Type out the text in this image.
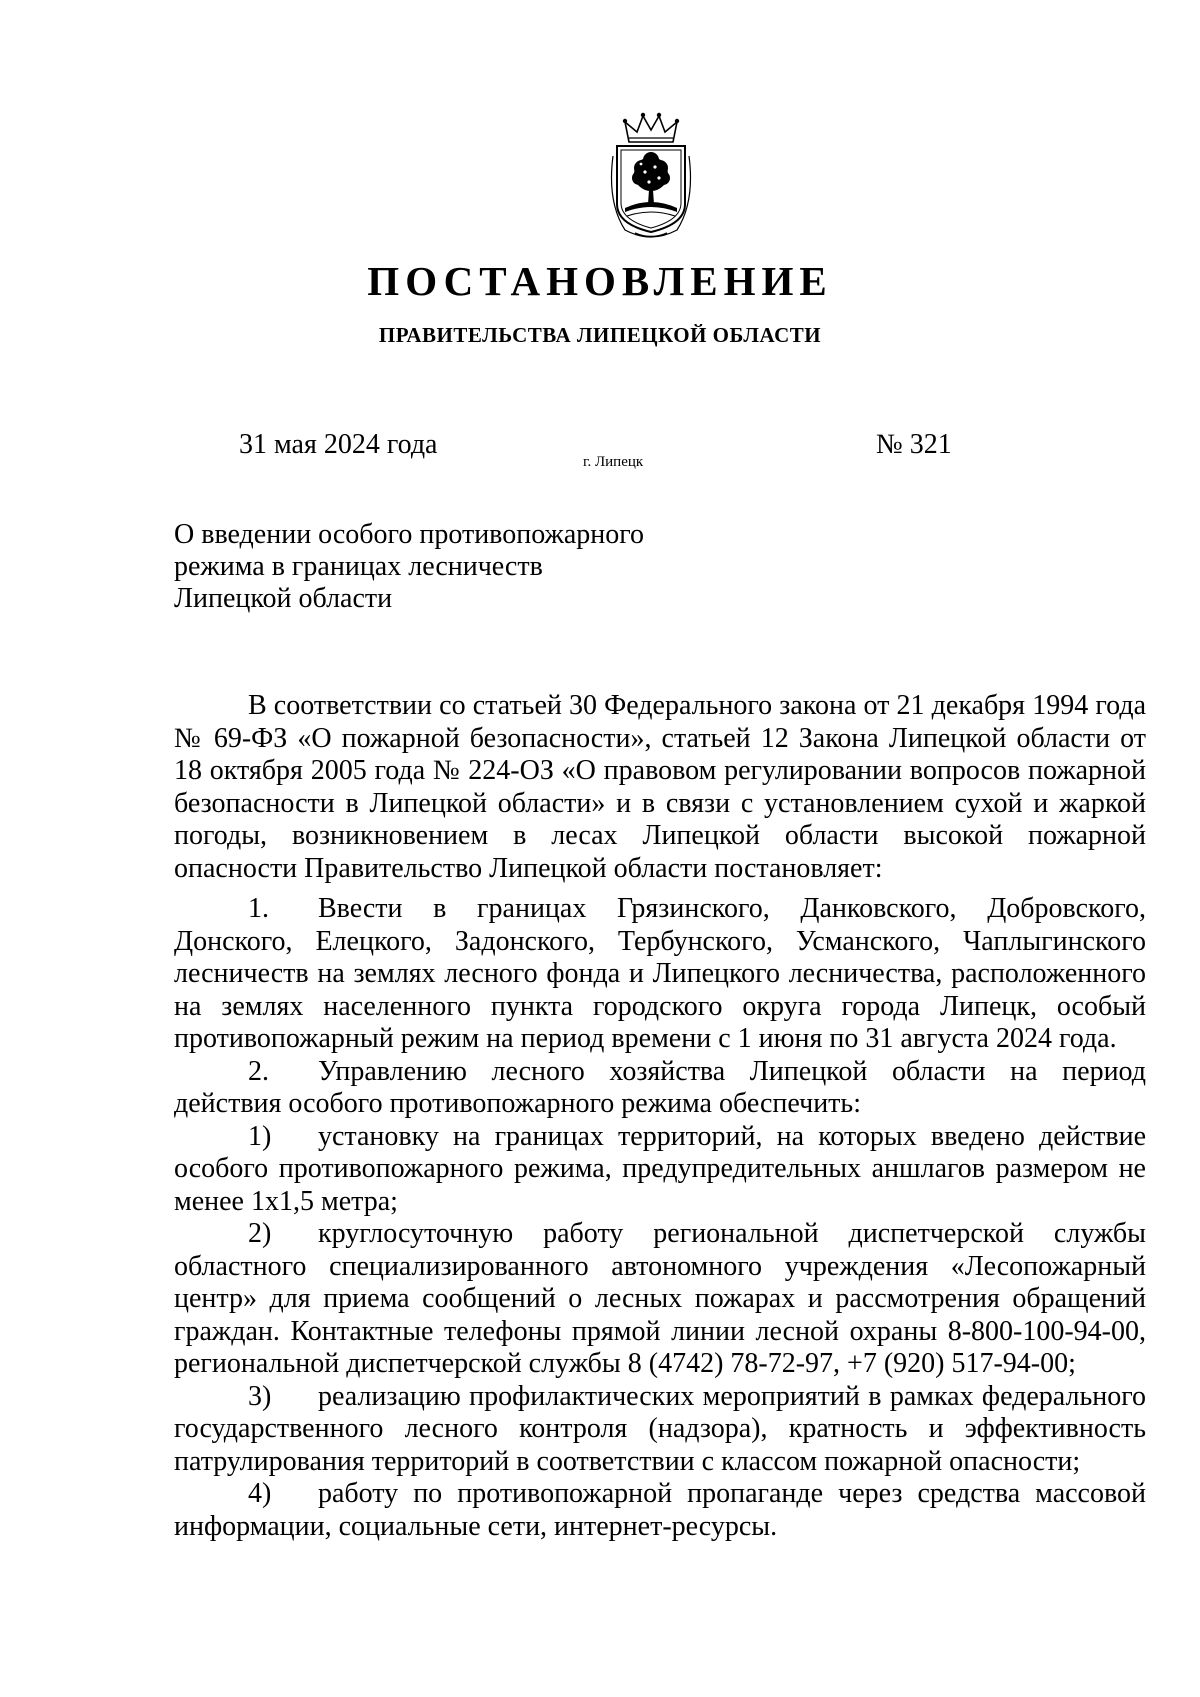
ПОСТАНОВЛЕНИЕ
ПРАВИТЕЛЬСТВА ЛИПЕЦКОЙ ОБЛАСТИ
31 мая 2024 года
г. Липецк
№ 321
О введении особого противопожарного
режима в границах лесничеств
Липецкой области

В соответствии со статьей 30 Федерального закона от 21 декабря 1994 года № 69-ФЗ «О пожарной безопасности», статьей 12 Закона Липецкой области от 18 октября 2005 года № 224-ОЗ «О правовом регулировании вопросов пожарной безопасности в Липецкой области» и в связи с установлением сухой и жаркой погоды, возникновением в лесах Липецкой области высокой пожарной опасности Правительство Липецкой области постановляет:

1. Ввести в границах Грязинского, Данковского, Добровского, Донского, Елецкого, Задонского, Тербунского, Усманского, Чаплыгинского лесничеств на землях лесного фонда и Липецкого лесничества, расположенного на землях населенного пункта городского округа города Липецк, особый противопожарный режим на период времени с 1 июня по 31 августа 2024 года.

2. Управлению лесного хозяйства Липецкой области на период действия особого противопожарного режима обеспечить:

1) установку на границах территорий, на которых введено действие особого противопожарного режима, предупредительных аншлагов размером не менее 1х1,5 метра;

2) круглосуточную работу региональной диспетчерской службы областного специализированного автономного учреждения «Лесопожарный центр» для приема сообщений о лесных пожарах и рассмотрения обращений граждан. Контактные телефоны прямой линии лесной охраны 8-800-100-94-00, региональной диспетчерской службы 8 (4742) 78-72-97, +7 (920) 517-94-00;

3) реализацию профилактических мероприятий в рамках федерального государственного лесного контроля (надзора), кратность и эффективность патрулирования территорий в соответствии с классом пожарной опасности;

4) работу по противопожарной пропаганде через средства массовой информации, социальные сети, интернет-ресурсы.
